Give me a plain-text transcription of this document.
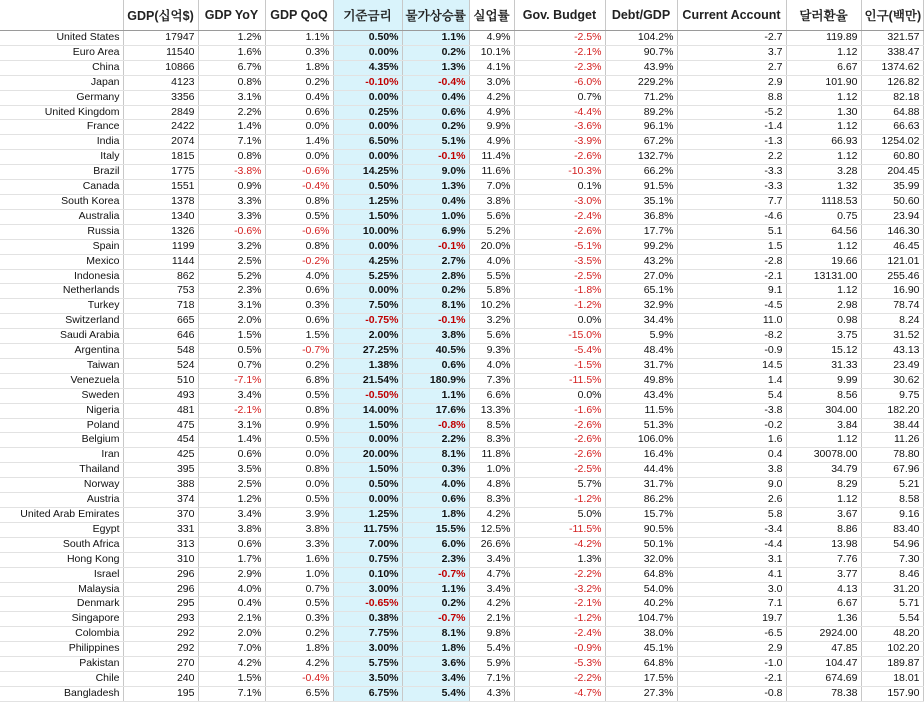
	GDP(십억$)	GDP YoY	GDP QoQ	기준금리	물가상승률	실업률	Gov. Budget	Debt/GDP	Current Account	달러환율	인구(백만)
United States	17947	1.2%	1.1%	0.50%	1.1%	4.9%	-2.5%	104.2%	-2.7	119.89	321.57
Euro Area	11540	1.6%	0.3%	0.00%	0.2%	10.1%	-2.1%	90.7%	3.7	1.12	338.47
China	10866	6.7%	1.8%	4.35%	1.3%	4.1%	-2.3%	43.9%	2.7	6.67	1374.62
Japan	4123	0.8%	0.2%	-0.10%	-0.4%	3.0%	-6.0%	229.2%	2.9	101.90	126.82
Germany	3356	3.1%	0.4%	0.00%	0.4%	4.2%	0.7%	71.2%	8.8	1.12	82.18
United Kingdom	2849	2.2%	0.6%	0.25%	0.6%	4.9%	-4.4%	89.2%	-5.2	1.30	64.88
France	2422	1.4%	0.0%	0.00%	0.2%	9.9%	-3.6%	96.1%	-1.4	1.12	66.63
India	2074	7.1%	1.4%	6.50%	5.1%	4.9%	-3.9%	67.2%	-1.3	66.93	1254.02
Italy	1815	0.8%	0.0%	0.00%	-0.1%	11.4%	-2.6%	132.7%	2.2	1.12	60.80
Brazil	1775	-3.8%	-0.6%	14.25%	9.0%	11.6%	-10.3%	66.2%	-3.3	3.28	204.45
Canada	1551	0.9%	-0.4%	0.50%	1.3%	7.0%	0.1%	91.5%	-3.3	1.32	35.99
South Korea	1378	3.3%	0.8%	1.25%	0.4%	3.8%	-3.0%	35.1%	7.7	1118.53	50.60
Australia	1340	3.3%	0.5%	1.50%	1.0%	5.6%	-2.4%	36.8%	-4.6	0.75	23.94
Russia	1326	-0.6%	-0.6%	10.00%	6.9%	5.2%	-2.6%	17.7%	5.1	64.56	146.30
Spain	1199	3.2%	0.8%	0.00%	-0.1%	20.0%	-5.1%	99.2%	1.5	1.12	46.45
Mexico	1144	2.5%	-0.2%	4.25%	2.7%	4.0%	-3.5%	43.2%	-2.8	19.66	121.01
Indonesia	862	5.2%	4.0%	5.25%	2.8%	5.5%	-2.5%	27.0%	-2.1	13131.00	255.46
Netherlands	753	2.3%	0.6%	0.00%	0.2%	5.8%	-1.8%	65.1%	9.1	1.12	16.90
Turkey	718	3.1%	0.3%	7.50%	8.1%	10.2%	-1.2%	32.9%	-4.5	2.98	78.74
Switzerland	665	2.0%	0.6%	-0.75%	-0.1%	3.2%	0.0%	34.4%	11.0	0.98	8.24
Saudi Arabia	646	1.5%	1.5%	2.00%	3.8%	5.6%	-15.0%	5.9%	-8.2	3.75	31.52
Argentina	548	0.5%	-0.7%	27.25%	40.5%	9.3%	-5.4%	48.4%	-0.9	15.12	43.13
Taiwan	524	0.7%	0.2%	1.38%	0.6%	4.0%	-1.5%	31.7%	14.5	31.33	23.49
Venezuela	510	-7.1%	6.8%	21.54%	180.9%	7.3%	-11.5%	49.8%	1.4	9.99	30.62
Sweden	493	3.4%	0.5%	-0.50%	1.1%	6.6%	0.0%	43.4%	5.4	8.56	9.75
Nigeria	481	-2.1%	0.8%	14.00%	17.6%	13.3%	-1.6%	11.5%	-3.8	304.00	182.20
Poland	475	3.1%	0.9%	1.50%	-0.8%	8.5%	-2.6%	51.3%	-0.2	3.84	38.44
Belgium	454	1.4%	0.5%	0.00%	2.2%	8.3%	-2.6%	106.0%	1.6	1.12	11.26
Iran	425	0.6%	0.0%	20.00%	8.1%	11.8%	-2.6%	16.4%	0.4	30078.00	78.80
Thailand	395	3.5%	0.8%	1.50%	0.3%	1.0%	-2.5%	44.4%	3.8	34.79	67.96
Norway	388	2.5%	0.0%	0.50%	4.0%	4.8%	5.7%	31.7%	9.0	8.29	5.21
Austria	374	1.2%	0.5%	0.00%	0.6%	8.3%	-1.2%	86.2%	2.6	1.12	8.58
United Arab Emirates	370	3.4%	3.9%	1.25%	1.8%	4.2%	5.0%	15.7%	5.8	3.67	9.16
Egypt	331	3.8%	3.8%	11.75%	15.5%	12.5%	-11.5%	90.5%	-3.4	8.86	83.40
South Africa	313	0.6%	3.3%	7.00%	6.0%	26.6%	-4.2%	50.1%	-4.4	13.98	54.96
Hong Kong	310	1.7%	1.6%	0.75%	2.3%	3.4%	1.3%	32.0%	3.1	7.76	7.30
Israel	296	2.9%	1.0%	0.10%	-0.7%	4.7%	-2.2%	64.8%	4.1	3.77	8.46
Malaysia	296	4.0%	0.7%	3.00%	1.1%	3.4%	-3.2%	54.0%	3.0	4.13	31.20
Denmark	295	0.4%	0.5%	-0.65%	0.2%	4.2%	-2.1%	40.2%	7.1	6.67	5.71
Singapore	293	2.1%	0.3%	0.38%	-0.7%	2.1%	-1.2%	104.7%	19.7	1.36	5.54
Colombia	292	2.0%	0.2%	7.75%	8.1%	9.8%	-2.4%	38.0%	-6.5	2924.00	48.20
Philippines	292	7.0%	1.8%	3.00%	1.8%	5.4%	-0.9%	45.1%	2.9	47.85	102.20
Pakistan	270	4.2%	4.2%	5.75%	3.6%	5.9%	-5.3%	64.8%	-1.0	104.47	189.87
Chile	240	1.5%	-0.4%	3.50%	3.4%	7.1%	-2.2%	17.5%	-2.1	674.69	18.01
Bangladesh	195	7.1%	6.5%	6.75%	5.4%	4.3%	-4.7%	27.3%	-0.8	78.38	157.90
